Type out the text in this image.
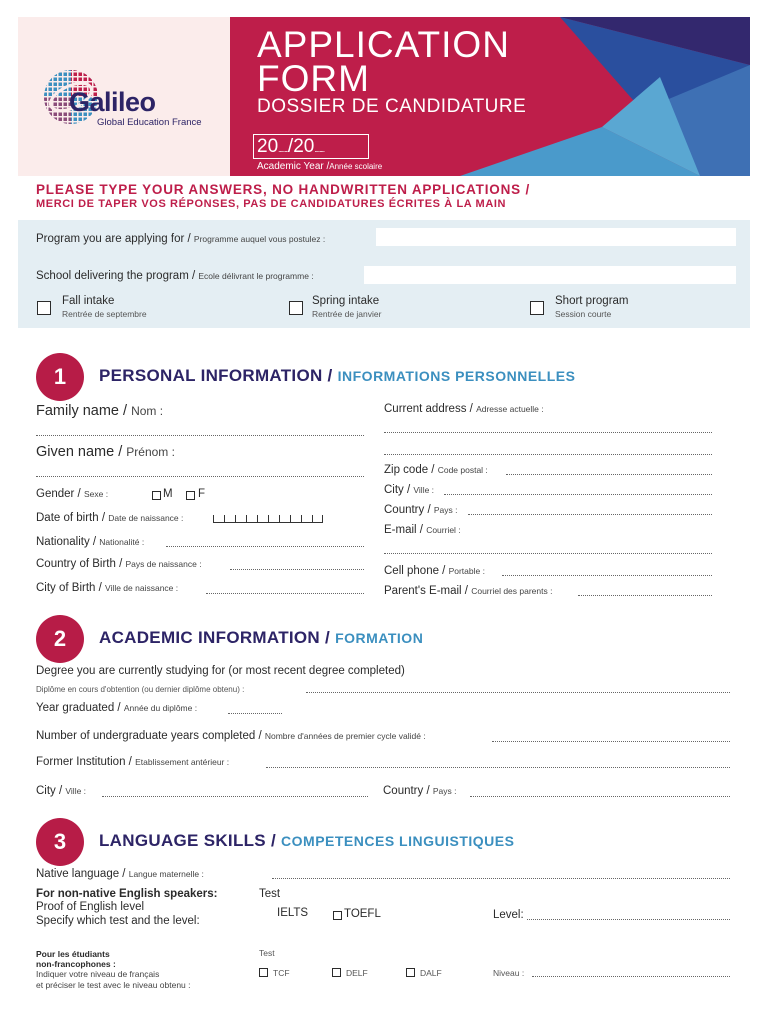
Galileo
Global Education France
APPLICATION
FORM
DOSSIER DE CANDIDATURE
20......../20........
Academic Year /Année scolaire
PLEASE TYPE YOUR ANSWERS, NO HANDWRITTEN APPLICATIONS /
MERCI DE TAPER VOS RÉPONSES, PAS DE CANDIDATURES ÉCRITES À LA MAIN
Program you are applying for / Programme auquel vous postulez :
School delivering the program / Ecole délivrant le programme :
Fall intake
Rentrée de septembre
Spring intake
Rentrée de janvier
Short program
Session courte
1	PERSONAL INFORMATION / INFORMATIONS PERSONNELLES
Family name / Nom :
Given name / Prénom :
Gender / Sexe :	M F
Date of birth / Date de naissance :
Nationality / Nationalité :
Country of Birth / Pays de naissance :
City of Birth / Ville de naissance :
Current address / Adresse actuelle :
Zip code / Code postal :
City / Ville :
Country / Pays :
E-mail / Courriel :
Cell phone / Portable :
Parent's E-mail / Courriel des parents :
2	ACADEMIC INFORMATION / FORMATION
Degree you are currently studying for (or most recent degree completed)
Diplôme en cours d'obtention (ou dernier diplôme obtenu) :
Year graduated / Année du diplôme :
Number of undergraduate years completed / Nombre d'années de premier cycle validé :
Former Institution / Etablissement antérieur :
City / Ville :	Country / Pays :
3	LANGUAGE SKILLS / COMPETENCES LINGUISTIQUES
Native language / Langue maternelle :
For non-native English speakers:	Test
Proof of English level
Specify which test and the level:
IELTS	TOEFL	Level:
Pour les étudiants
non-francophones :
Indiquer votre niveau de français
et préciser le test avec le niveau obtenu :
Test
TCF	DELF	DALF	Niveau :
